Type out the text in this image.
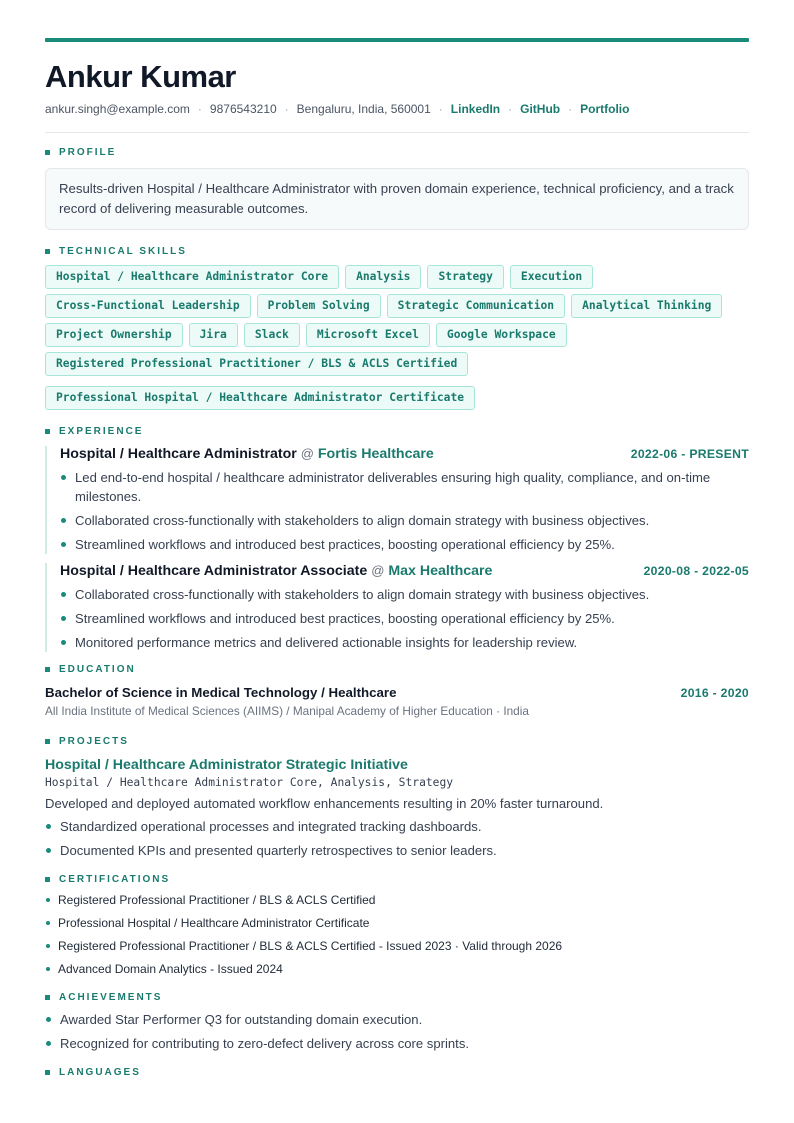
Ankur Kumar
ankur.singh@example.com · 9876543210 · Bengaluru, India, 560001 · LinkedIn · GitHub · Portfolio
PROFILE
Results-driven Hospital / Healthcare Administrator with proven domain experience, technical proficiency, and a track record of delivering measurable outcomes.
TECHNICAL SKILLS
Hospital / Healthcare Administrator Core	Analysis	Strategy	Execution
Cross-Functional Leadership	Problem Solving	Strategic Communication	Analytical Thinking
Project Ownership	Jira	Slack	Microsoft Excel	Google Workspace
Registered Professional Practitioner / BLS & ACLS Certified
Professional Hospital / Healthcare Administrator Certificate
EXPERIENCE
Hospital / Healthcare Administrator @ Fortis Healthcare	2022-06 - PRESENT
Led end-to-end hospital / healthcare administrator deliverables ensuring high quality, compliance, and on-time milestones.
Collaborated cross-functionally with stakeholders to align domain strategy with business objectives.
Streamlined workflows and introduced best practices, boosting operational efficiency by 25%.
Hospital / Healthcare Administrator Associate @ Max Healthcare	2020-08 - 2022-05
Collaborated cross-functionally with stakeholders to align domain strategy with business objectives.
Streamlined workflows and introduced best practices, boosting operational efficiency by 25%.
Monitored performance metrics and delivered actionable insights for leadership review.
EDUCATION
Bachelor of Science in Medical Technology / Healthcare	2016 - 2020
All India Institute of Medical Sciences (AIIMS) / Manipal Academy of Higher Education · India
PROJECTS
Hospital / Healthcare Administrator Strategic Initiative
Hospital / Healthcare Administrator Core, Analysis, Strategy
Developed and deployed automated workflow enhancements resulting in 20% faster turnaround.
Standardized operational processes and integrated tracking dashboards.
Documented KPIs and presented quarterly retrospectives to senior leaders.
CERTIFICATIONS
Registered Professional Practitioner / BLS & ACLS Certified
Professional Hospital / Healthcare Administrator Certificate
Registered Professional Practitioner / BLS & ACLS Certified - Issued 2023 · Valid through 2026
Advanced Domain Analytics - Issued 2024
ACHIEVEMENTS
Awarded Star Performer Q3 for outstanding domain execution.
Recognized for contributing to zero-defect delivery across core sprints.
LANGUAGES
